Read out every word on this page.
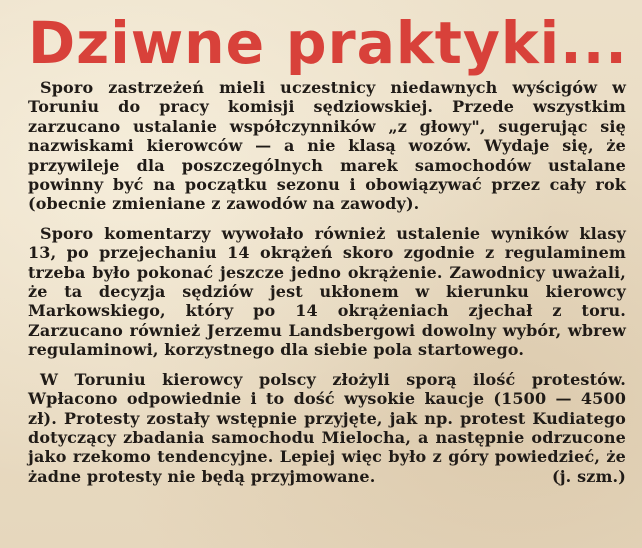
Dziwne praktyki...

Sporo zastrzeżeń mieli uczestnicy niedawnych wyścigów w Toruniu do pracy komisji sędziowskiej. Przede wszystkim zarzucano ustalanie współczynników „z głowy", sugerując się nazwiskami kierowców — a nie klasą wozów. Wydaje się, że przywileje dla poszczególnych marek samochodów ustalane powinny być na początku sezonu i obowiązywać przez cały rok (obecnie zmieniane z zawodów na zawody).

Sporo komentarzy wywołało również ustalenie wyników klasy 13, po przejechaniu 14 okrążeń skoro zgodnie z regulaminem trzeba było pokonać jeszcze jedno okrążenie. Zawodnicy uważali, że ta decyzja sędziów jest ukłonem w kierunku kierowcy Markowskiego, który po 14 okrążeniach zjechał z toru. Zarzucano również Jerzemu Landsbergowi dowolny wybór, wbrew regulaminowi, korzystnego dla siebie pola startowego.

W Toruniu kierowcy polscy złożyli sporą ilość protestów. Wpłacono odpowiednie i to dość wysokie kaucje (1500 — 4500 zł). Protesty zostały wstępnie przyjęte, jak np. protest Kudiatego dotyczący zbadania samochodu Mielocha, a następnie odrzucone jako rzekomo tendencyjne. Lepiej więc było z góry powiedzieć, że żadne protesty nie będą przyjmowane.	(j. szm.)
